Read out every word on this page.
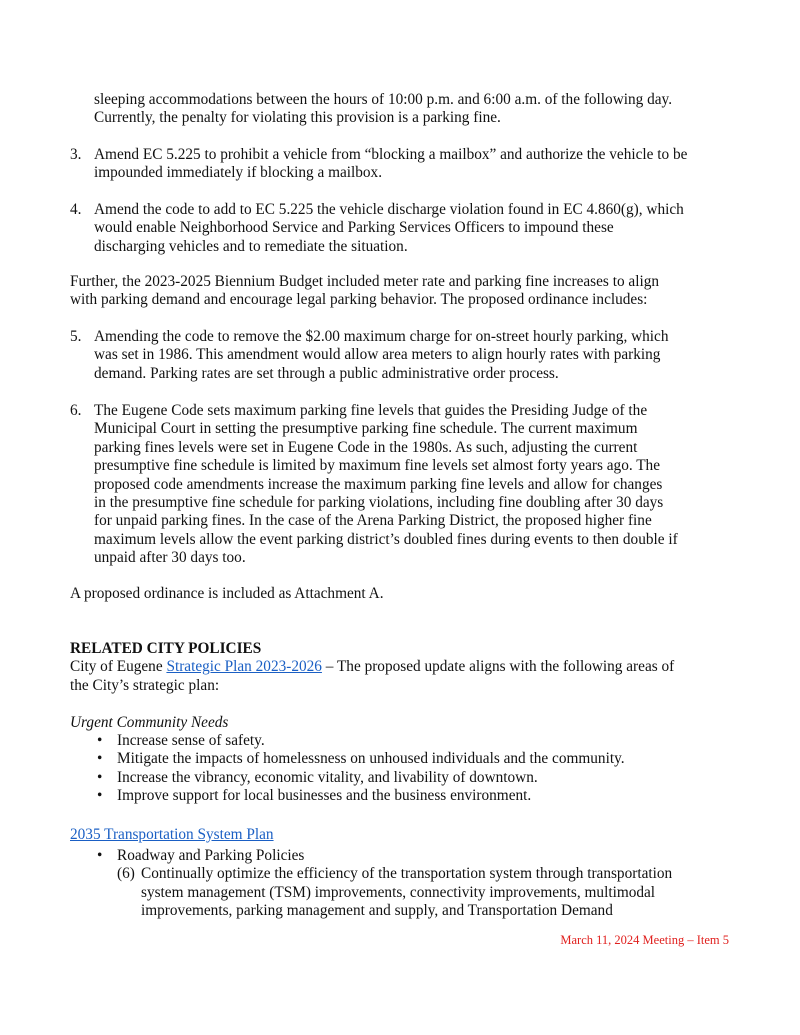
sleeping accommodations between the hours of 10:00 p.m. and 6:00 a.m. of the following day.
Currently, the penalty for violating this provision is a parking fine.
3. Amend EC 5.225 to prohibit a vehicle from “blocking a mailbox” and authorize the vehicle to be
impounded immediately if blocking a mailbox.
4. Amend the code to add to EC 5.225 the vehicle discharge violation found in EC 4.860(g), which
would enable Neighborhood Service and Parking Services Officers to impound these
discharging vehicles and to remediate the situation.
Further, the 2023-2025 Biennium Budget included meter rate and parking fine increases to align
with parking demand and encourage legal parking behavior. The proposed ordinance includes:
5. Amending the code to remove the $2.00 maximum charge for on-street hourly parking, which
was set in 1986. This amendment would allow area meters to align hourly rates with parking
demand. Parking rates are set through a public administrative order process.
6. The Eugene Code sets maximum parking fine levels that guides the Presiding Judge of the
Municipal Court in setting the presumptive parking fine schedule. The current maximum
parking fines levels were set in Eugene Code in the 1980s. As such, adjusting the current
presumptive fine schedule is limited by maximum fine levels set almost forty years ago. The
proposed code amendments increase the maximum parking fine levels and allow for changes
in the presumptive fine schedule for parking violations, including fine doubling after 30 days
for unpaid parking fines. In the case of the Arena Parking District, the proposed higher fine
maximum levels allow the event parking district’s doubled fines during events to then double if
unpaid after 30 days too.
A proposed ordinance is included as Attachment A.
RELATED CITY POLICIES
City of Eugene Strategic Plan 2023-2026 – The proposed update aligns with the following areas of
the City’s strategic plan:
Urgent Community Needs
• Increase sense of safety.
• Mitigate the impacts of homelessness on unhoused individuals and the community.
• Increase the vibrancy, economic vitality, and livability of downtown.
• Improve support for local businesses and the business environment.
2035 Transportation System Plan
• Roadway and Parking Policies
(6) Continually optimize the efficiency of the transportation system through transportation
system management (TSM) improvements, connectivity improvements, multimodal
improvements, parking management and supply, and Transportation Demand
March 11, 2024 Meeting – Item 5
